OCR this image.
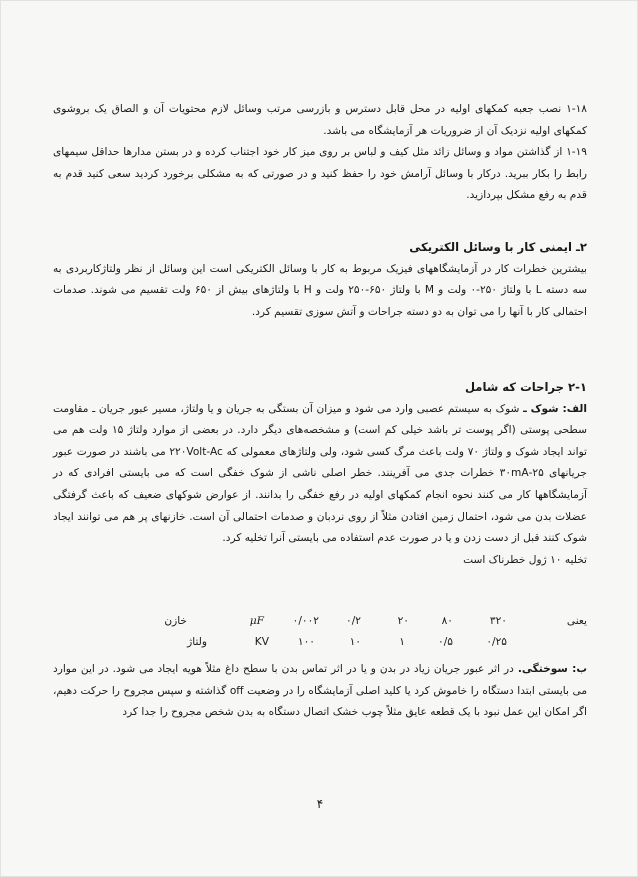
۱-۱۸ نصب جعبه کمکهای اولیه در محل قابل دسترس و بازرسی مرتب وسائل لازم محتویات آن و الصاق یک بروشوی کمکهای اولیه نزدیک آن از ضروریات هر آزمایشگاه می باشد.

۱-۱۹ از گذاشتن مواد و وسائل زائد مثل کیف و لباس بر روی میز کار خود اجتناب کرده و در بستن مدارها حداقل سیمهای رابط را بکار ببرید. درکار با وسائل آرامش خود را حفظ کنید و در صورتی که به مشکلی برخورد کردید سعی کنید قدم به قدم به رفع مشکل بپردازید.

۲ـ ایمنی کار با وسائل الکتریکی

بیشترین خطرات کار در آزمایشگاههای فیزیک مربوط به کار با وسائل الکتریکی است این وسائل از نظر ولتاژکاربردی به سه دسته L با ولتاژ ۲۵۰-۰ ولت و M با ولتاژ ۶۵۰-۲۵۰ ولت و H با ولتاژهای بیش از ۶۵۰ ولت تقسیم می شوند. صدمات احتمالی کار با آنها را می توان به دو دسته جراحات و آتش سوزی تقسیم کرد.

۲-۱ جراحات که شامل

الف: شوک ـ شوک به سیستم عصبی وارد می شود و میزان آن بستگی به جریان و یا ولتاژ، مسیر عبور جریان ـ مقاومت سطحی پوستی (اگر پوست تر باشد خیلی کم است) و مشخصه‌های دیگر دارد. در بعضی از موارد ولتاژ ۱۵ ولت هم می تواند ایجاد شوک و ولتاژ ۷۰ ولت باعث مرگ کسی شود، ولی ولتاژهای معمولی که ۲۲۰Volt-Ac می باشند در صورت عبور جریانهای ۲۵-۳۰mA خطرات جدی می آفرینند. خطر اصلی ناشی از شوک خفگی است که می بایستی افرادی که در آزمایشگاهها کار می کنند نحوه انجام کمکهای اولیه در رفع خفگی را بدانند. از عوارض شوکهای ضعیف که باعث گرفتگی عضلات بدن می شود، احتمال زمین افتادن مثلاً از روی نردبان و صدمات احتمالی آن است. خازنهای پر هم می توانند ایجاد شوک کنند قبل از دست زدن و یا در صورت عدم استفاده می بایستی آنرا تخلیه کرد.

تخلیه ۱۰ ژول خطرناک است

یعنی
۳۲۰
۸۰
۲۰
۰/۲
۰/۰۰۲
μF
خازن
۰/۲۵
۰/۵
۱
۱۰
۱۰۰
KV
ولتاژ

ب: سوختگی. در اثر عبور جریان زیاد در بدن و یا در اثر تماس بدن با سطح داغ مثلاً هویه ایجاد می شود. در این موارد می بایستی ابتدا دستگاه را خاموش کرد یا کلید اصلی آزمایشگاه را در وضعیت off گذاشته و سپس مجروح را حرکت دهیم، اگر امکان این عمل نبود با یک قطعه عایق مثلاً چوب خشک اتصال دستگاه به بدن شخص مجروح را جدا کرد

۴
